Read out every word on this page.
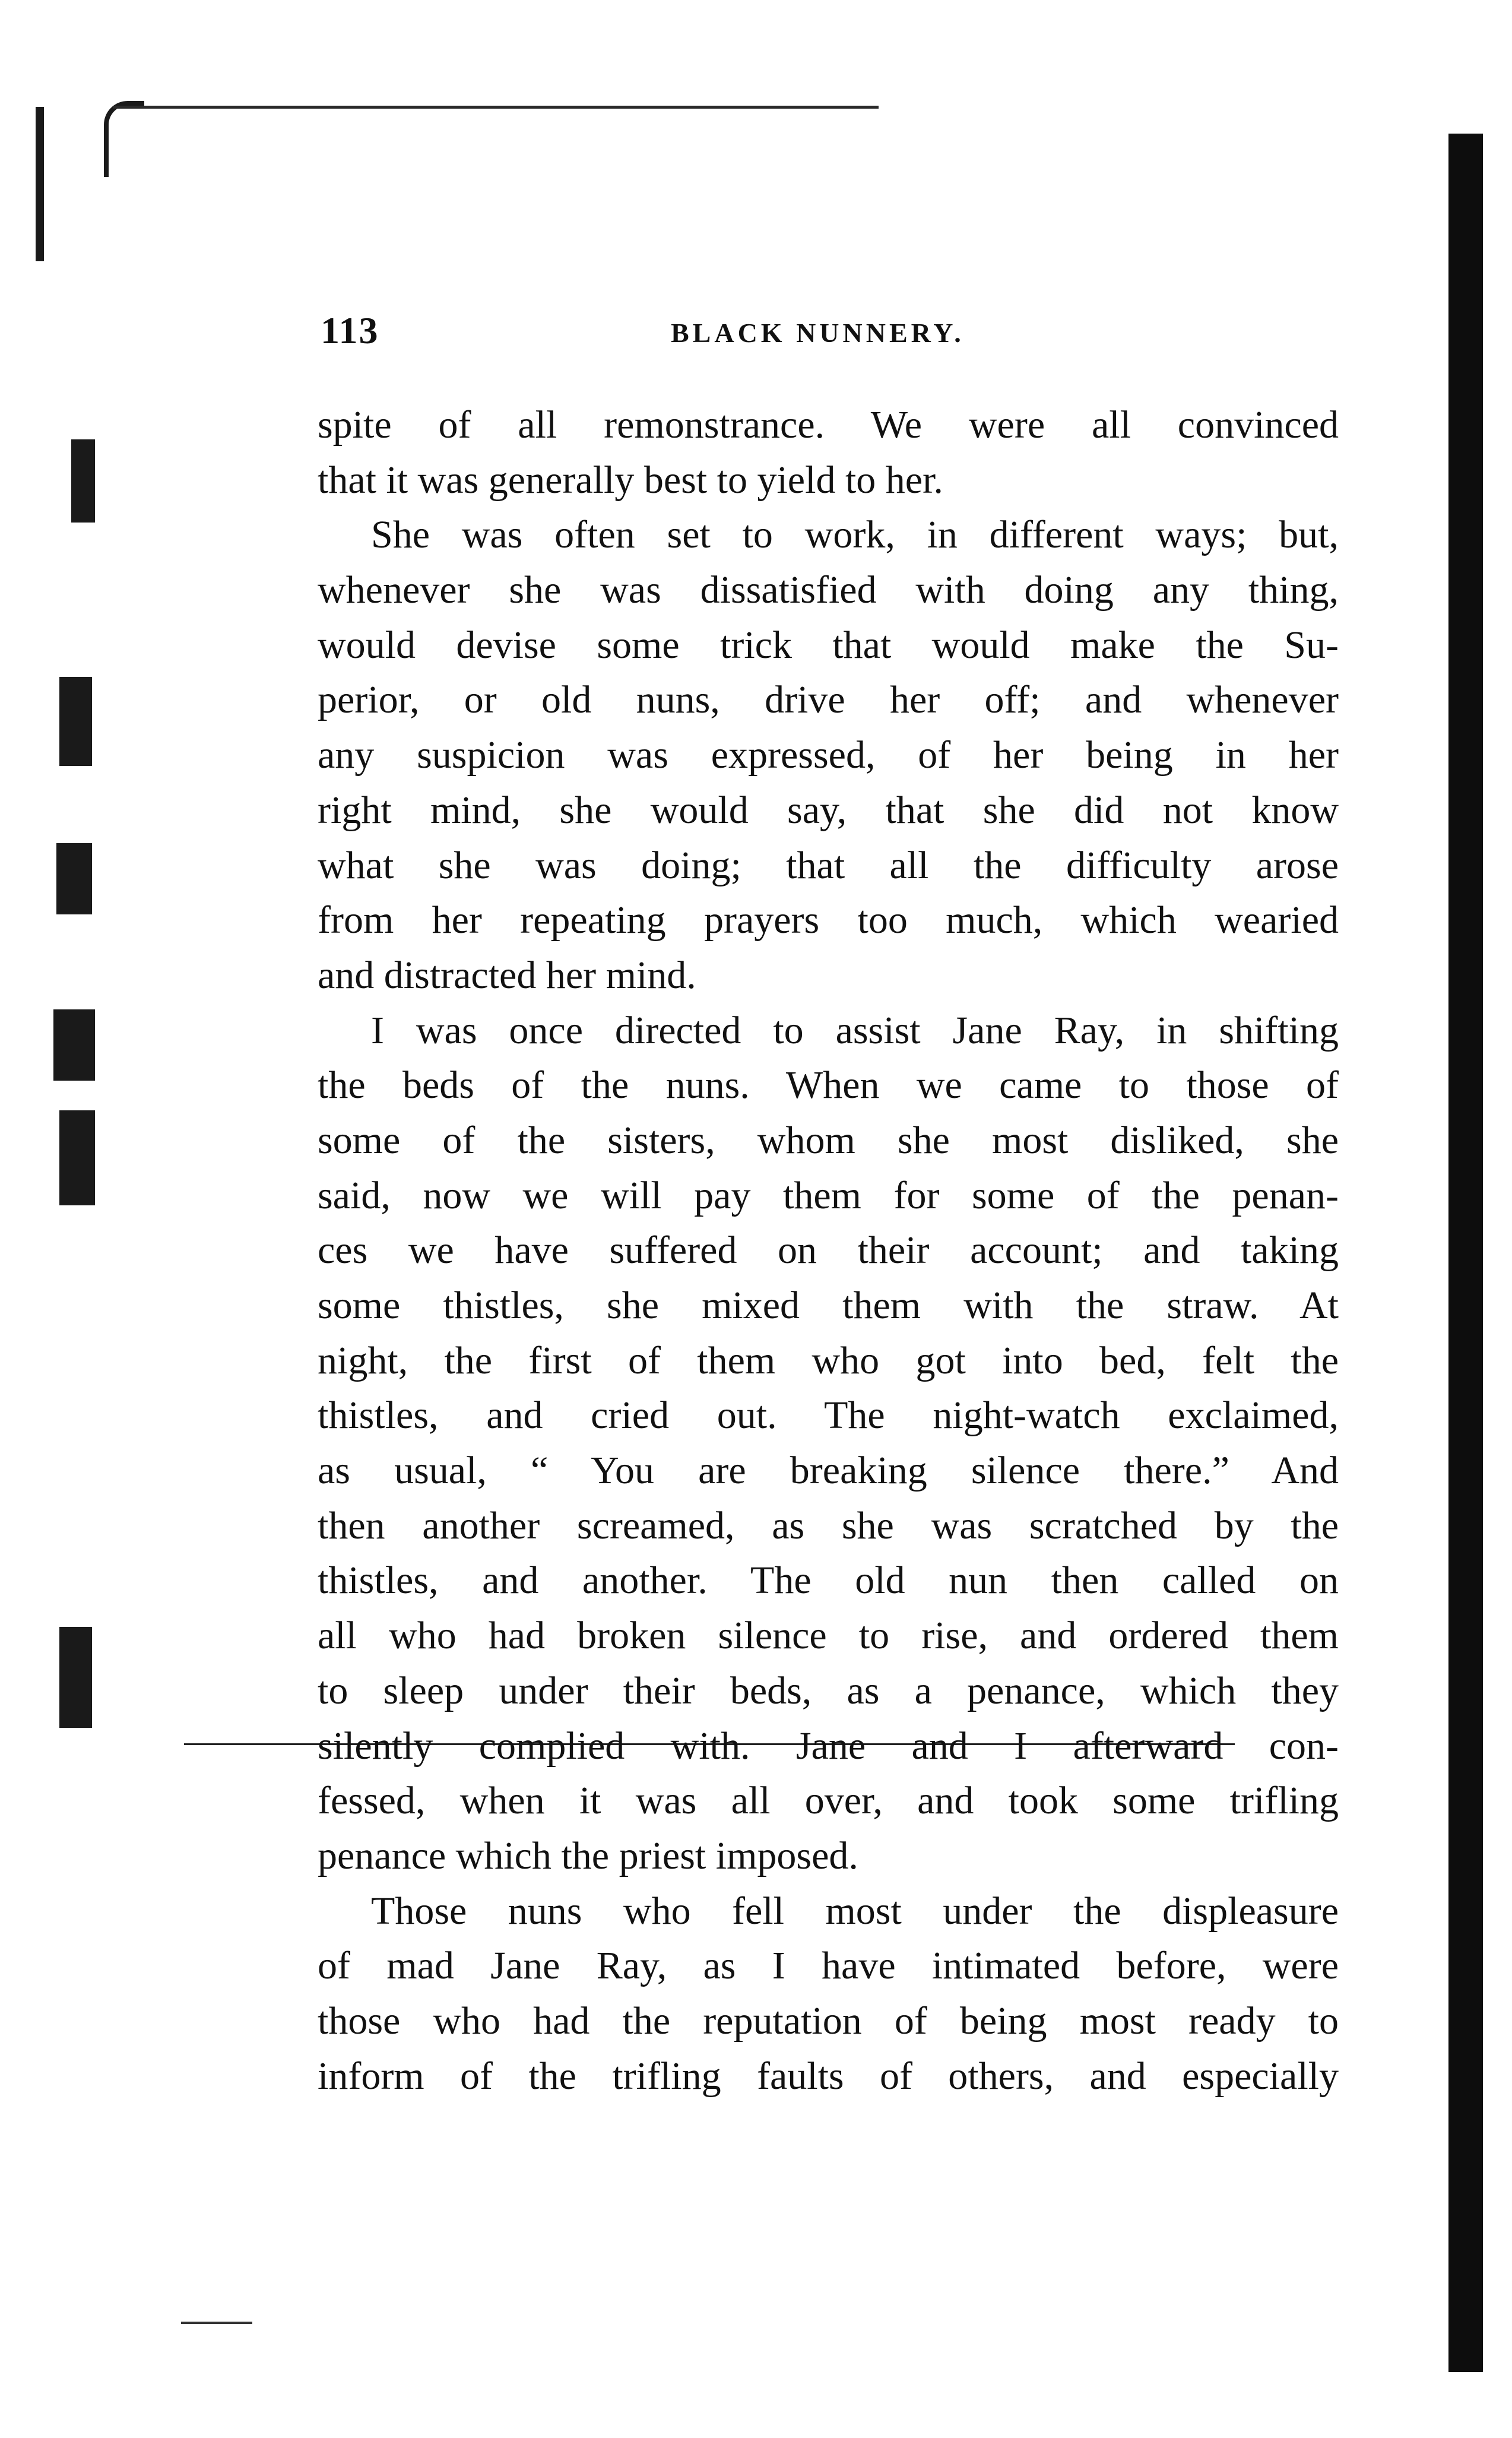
113	BLACK NUNNERY.
spite of all remonstrance. We were all convinced
that it was generally best to yield to her.
She was often set to work, in different ways; but,
whenever she was dissatisfied with doing any thing,
would devise some trick that would make the Su-
perior, or old nuns, drive her off; and whenever
any suspicion was expressed, of her being in her
right mind, she would say, that she did not know
what she was doing; that all the difficulty arose
from her repeating prayers too much, which wearied
and distracted her mind.
I was once directed to assist Jane Ray, in shifting
the beds of the nuns. When we came to those of
some of the sisters, whom she most disliked, she
said, now we will pay them for some of the penan-
ces we have suffered on their account; and taking
some thistles, she mixed them with the straw. At
night, the first of them who got into bed, felt the
thistles, and cried out. The night-watch exclaimed,
as usual, “ You are breaking silence there.” And
then another screamed, as she was scratched by the
thistles, and another. The old nun then called on
all who had broken silence to rise, and ordered them
to sleep under their beds, as a penance, which they
silently complied with. Jane and I afterward con-
fessed, when it was all over, and took some trifling
penance which the priest imposed.
Those nuns who fell most under the displeasure
of mad Jane Ray, as I have intimated before, were
those who had the reputation of being most ready to
inform of the trifling faults of others, and especially
